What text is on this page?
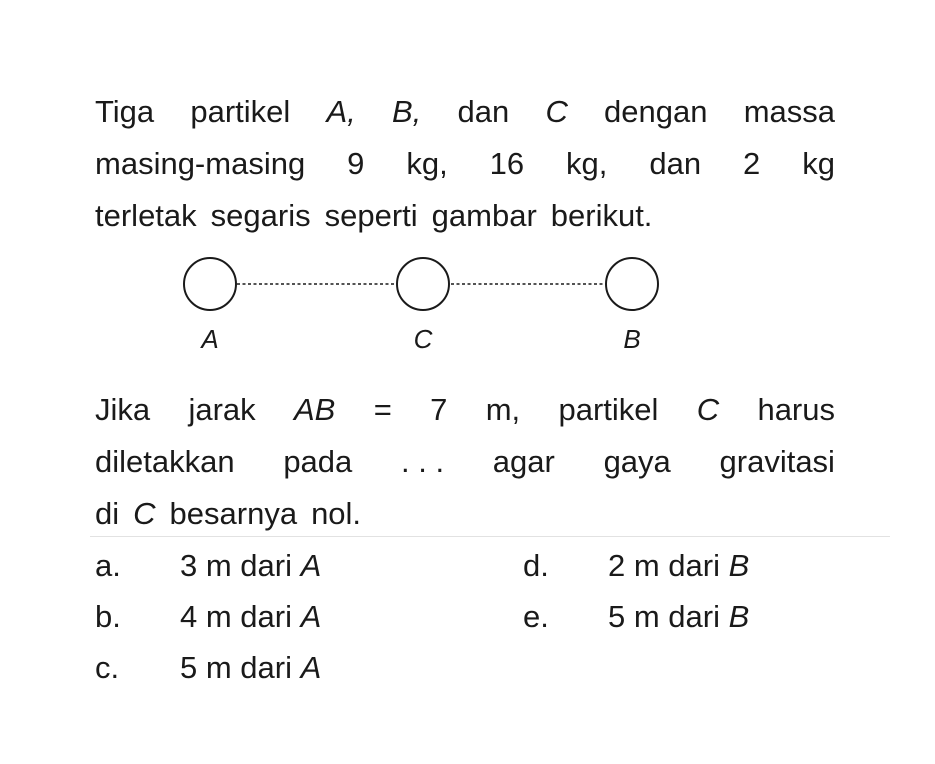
Tiga partikel A, B, dan C dengan massa
masing-masing 9 kg, 16 kg, dan 2 kg
terletak segaris seperti gambar berikut.
A	C	B
Jika jarak AB = 7 m, partikel C harus
diletakkan pada . . . agar gaya gravitasi
di C besarnya nol.
a.	3 m dari A
b.	4 m dari A
c.	5 m dari A
d.	2 m dari B
e.	5 m dari B
